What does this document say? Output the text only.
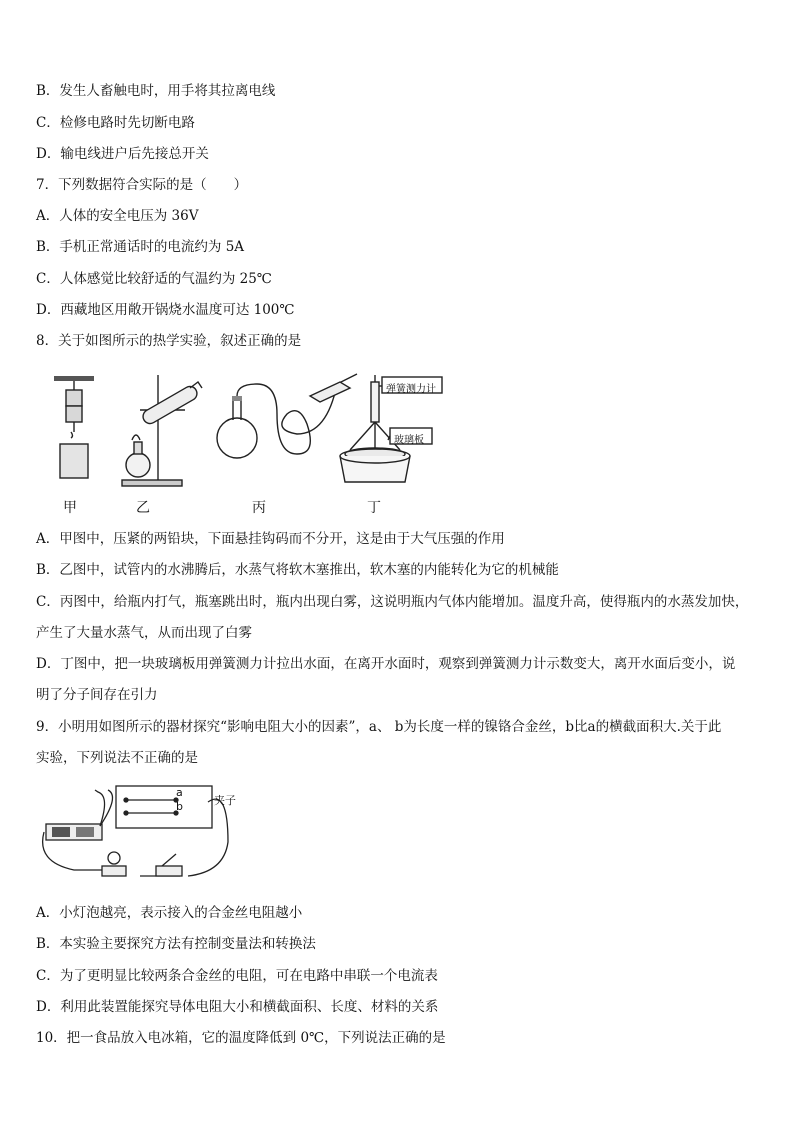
B．发生人畜触电时，用手将其拉离电线
C．检修电路时先切断电路
D．输电线进户后先接总开关
7．下列数据符合实际的是（　　）
A．人体的安全电压为 36V
B．手机正常通话时的电流约为 5A
C．人体感觉比较舒适的气温约为 25℃
D．西藏地区用敞开锅烧水温度可达 100℃
8．关于如图所示的热学实验，叙述正确的是
弹簧测力计
玻璃板
甲	乙	丙	丁
A．甲图中，压紧的两铅块，下面悬挂钩码而不分开，这是由于大气压强的作用
B．乙图中，试管内的水沸腾后，水蒸气将软木塞推出，软木塞的内能转化为它的机械能
C．丙图中，给瓶内打气，瓶塞跳出时，瓶内出现白雾，这说明瓶内气体内能增加。温度升高，使得瓶内的水蒸发加快，
产生了大量水蒸气，从而出现了白雾
D．丁图中，把一块玻璃板用弹簧测力计拉出水面，在离开水面时，观察到弹簧测力计示数变大，离开水面后变小，说
明了分子间存在引力
9．小明用如图所示的器材探究“影响电阻大小的因素”，a、 b为长度一样的镍铬合金丝，b比a的横截面积大.关于此
实验，下列说法不正确的是
a
b	夹子
A．小灯泡越亮，表示接入的合金丝电阻越小
B．本实验主要探究方法有控制变量法和转换法
C．为了更明显比较两条合金丝的电阻，可在电路中串联一个电流表
D．利用此装置能探究导体电阻大小和横截面积、长度、材料的关系
10．把一食品放入电冰箱，它的温度降低到 0℃，下列说法正确的是
